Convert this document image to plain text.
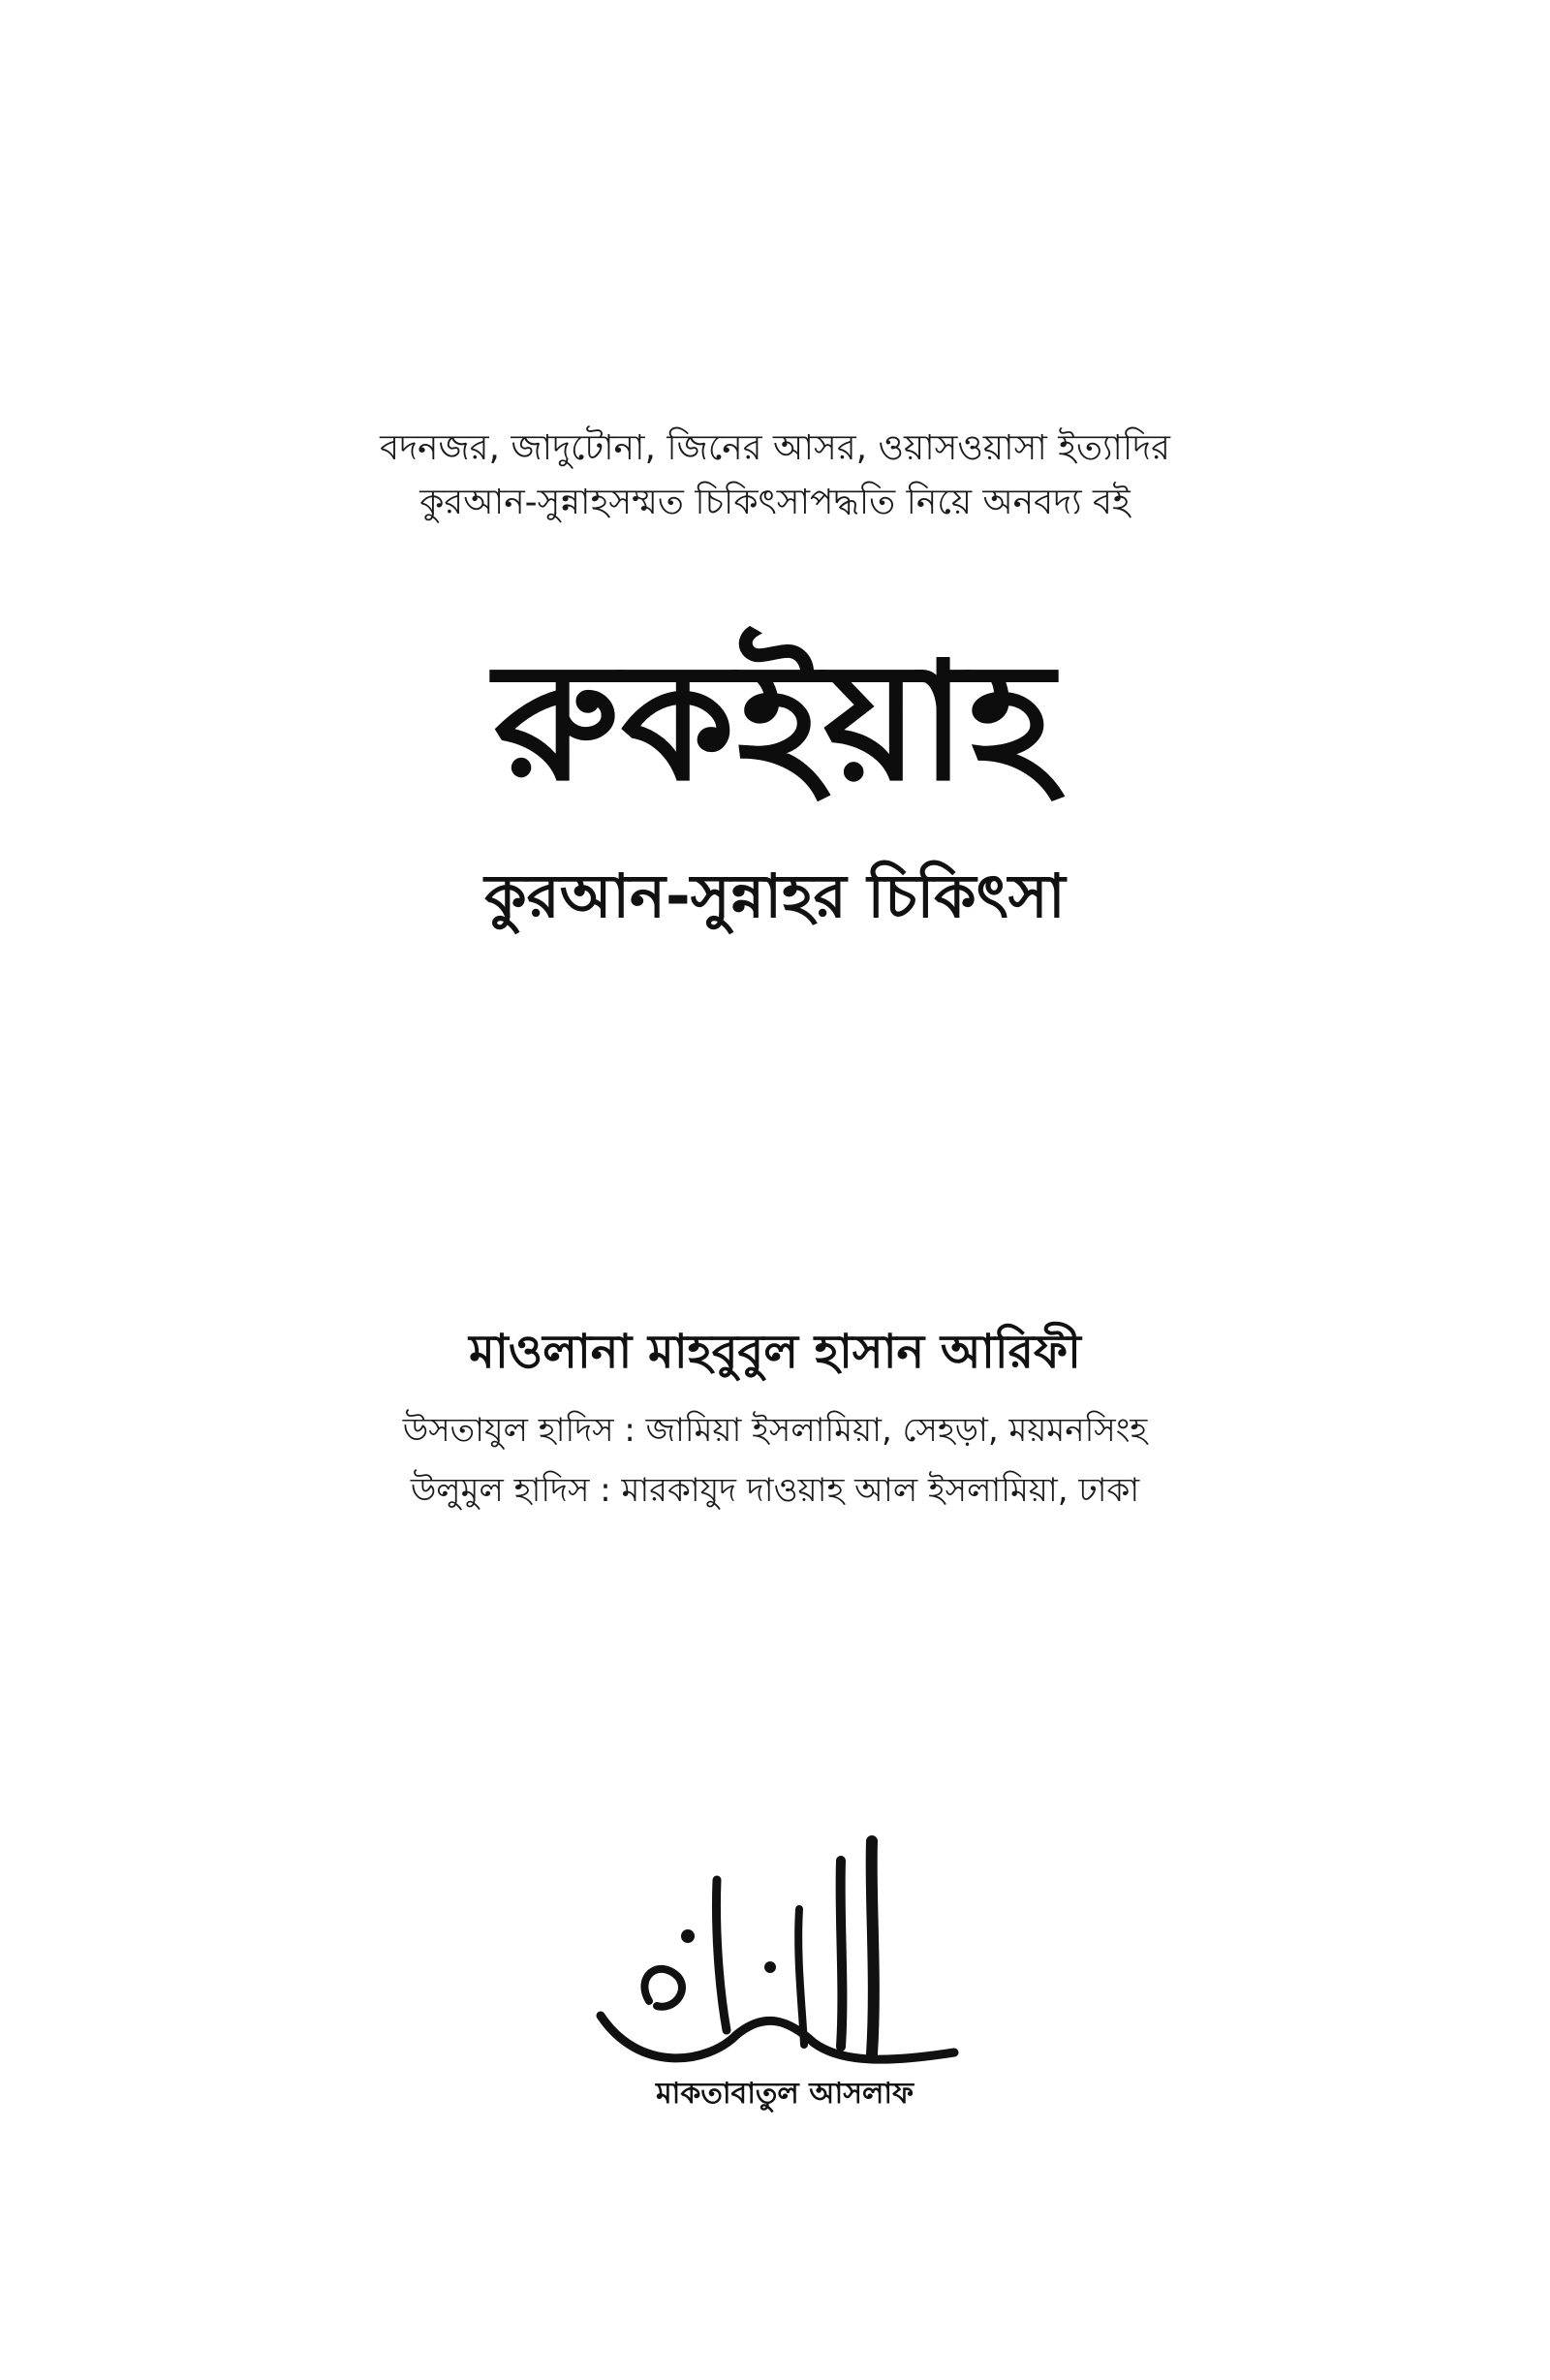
বদনজর, জাদুটোনা, জিনের আসর, ওয়াসওয়াসা ইত্যাদির
কুরআন-সুন্নাহসম্মত চিকিৎসাপদ্ধতি নিয়ে অনবদ্য বই
রুকইয়াহ
কুরআন-সুন্নাহর চিকিৎসা
মাওলানা মাহবুবুল হাসান আরিফী
উসতাযুল হাদিস : জামিয়া ইসলামিয়া, সেহড়া, ময়মনসিংহ
উলুমুল হাদিস : মারকাযুদ দাওয়াহ আল ইসলামিয়া, ঢাকা
মাকতাবাতুল আসলাফ
